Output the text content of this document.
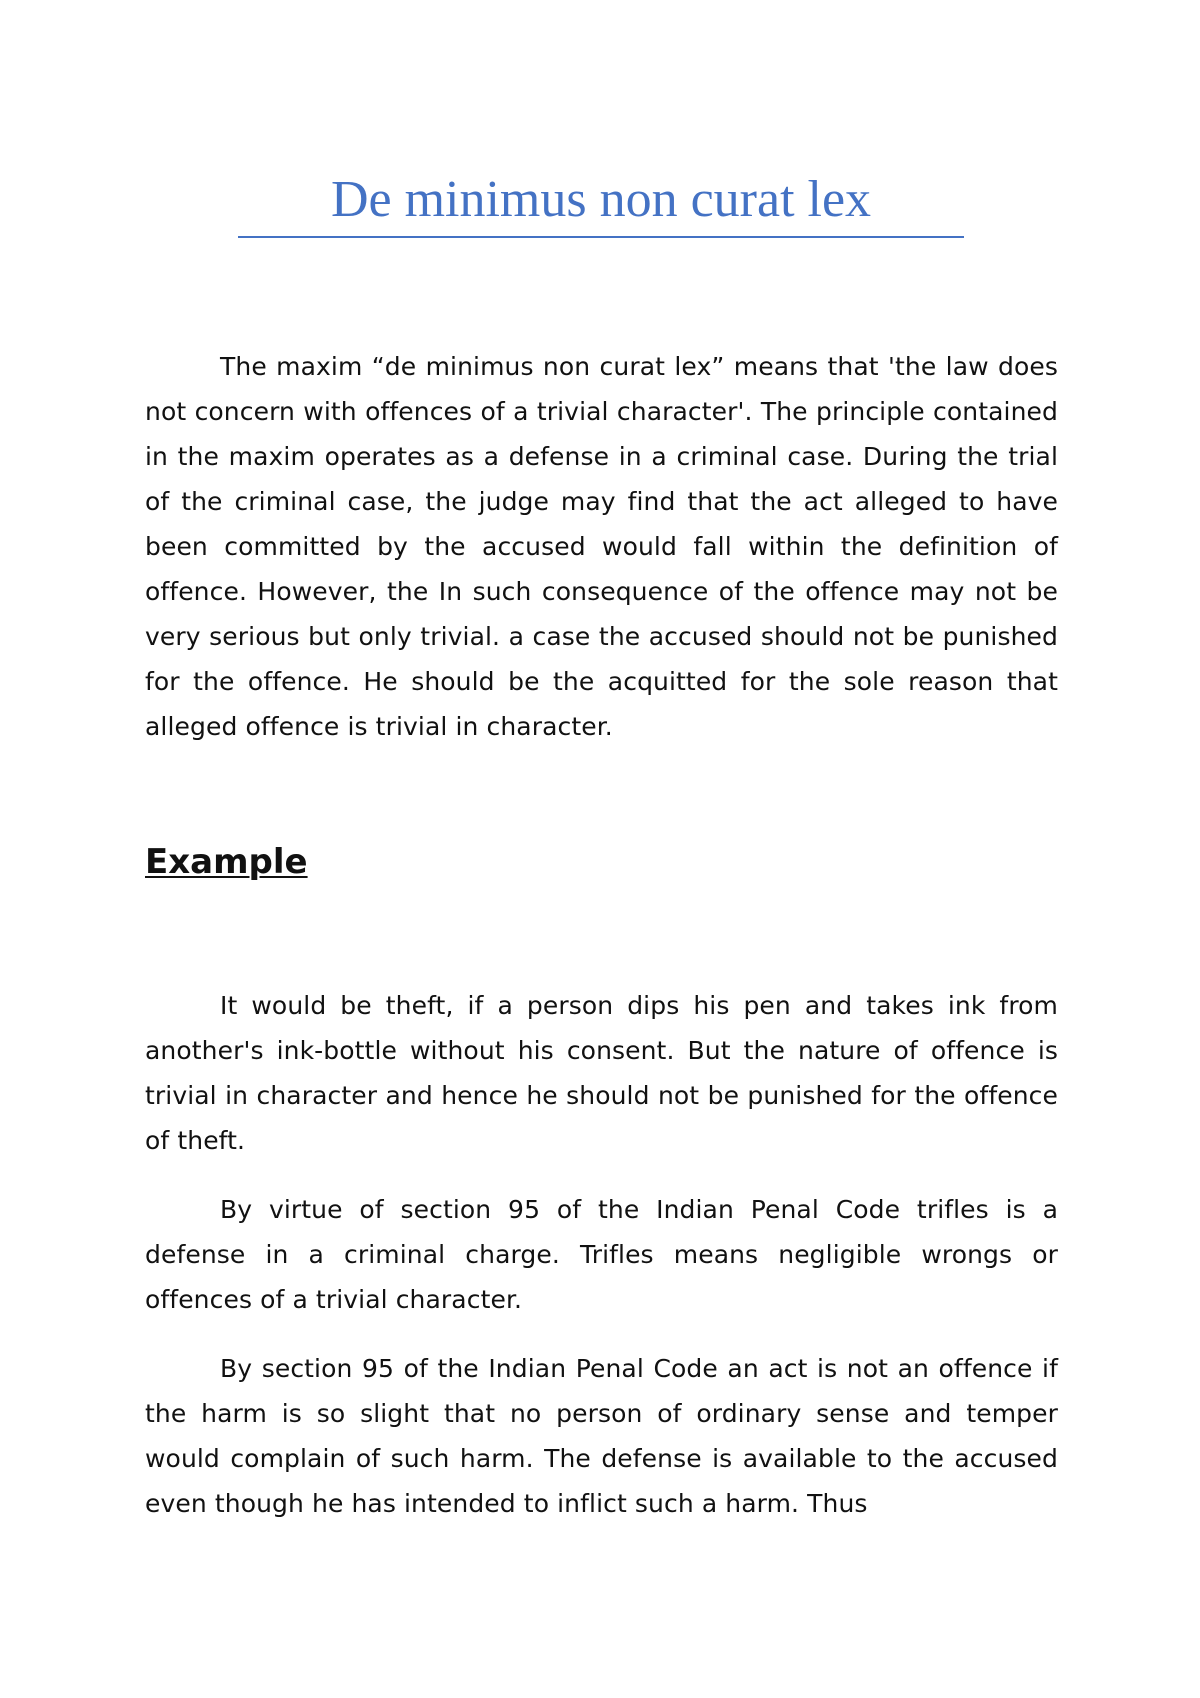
De minimus non curat lex

The maxim “de minimus non curat lex” means that 'the law does not concern with offences of a trivial character'. The principle contained in the maxim operates as a defense in a criminal case. During the trial of the criminal case, the judge may find that the act alleged to have been committed by the accused would fall within the definition of offence. However, the In such consequence of the offence may not be very serious but only trivial. a case the accused should not be punished for the offence. He should be the acquitted for the sole reason that alleged offence is trivial in character.

Example

It would be theft, if a person dips his pen and takes ink from another's ink-bottle without his consent. But the nature of offence is trivial in character and hence he should not be punished for the offence of theft.

By virtue of section 95 of the Indian Penal Code trifles is a defense in a criminal charge. Trifles means negligible wrongs or offences of a trivial character.

By section 95 of the Indian Penal Code an act is not an offence if the harm is so slight that no person of ordinary sense and temper would complain of such harm. The defense is available to the accused even though he has intended to inflict such a harm. Thus
